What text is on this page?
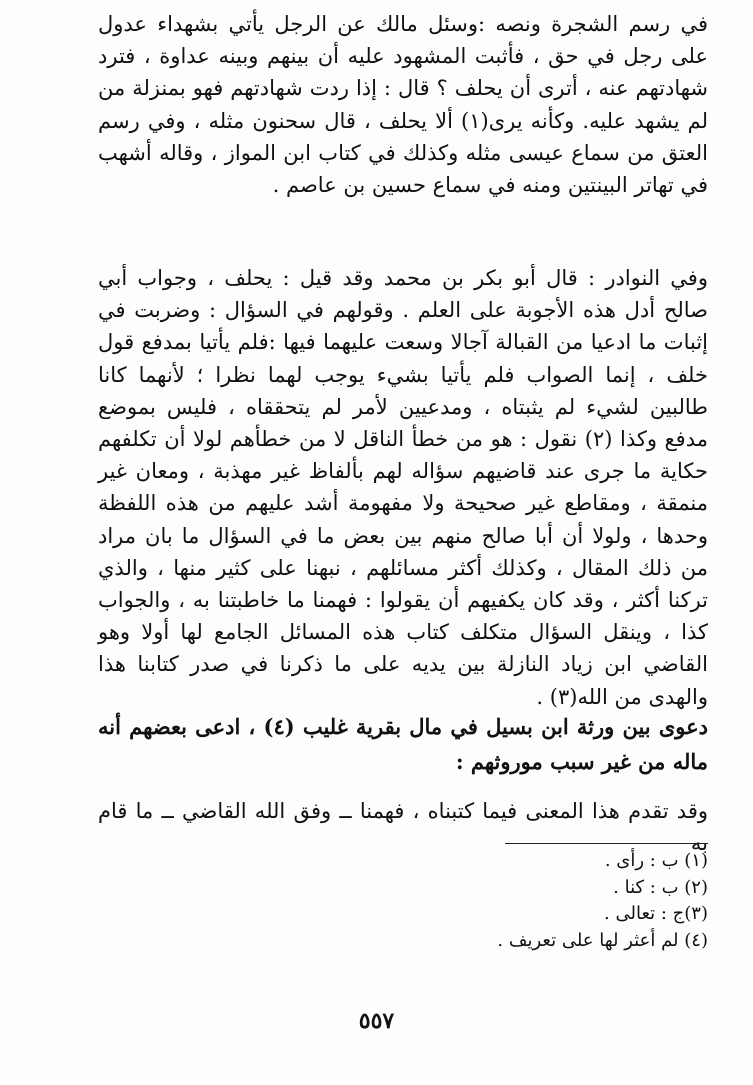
في رسم الشجرة ونصه :وسئل مالك عن الرجل يأتي بشهداء عدول على رجل في حق ، فأثبت المشهود عليه أن بينهم وبينه عداوة ، فترد شهادتهم عنه ، أترى أن يحلف ؟ قال : إذا ردت شهادتهم فهو بمنزلة من لم يشهد عليه. وكأنه يرى(١) ألا يحلف ، قال سحنون مثله ، وفي رسم العتق من سماع عيسى مثله وكذلك في كتاب ابن المواز ، وقاله أشهب في تهاتر البينتين ومنه في سماع حسين بن عاصم .

وفي النوادر : قال أبو بكر بن محمد وقد قيل : يحلف ، وجواب أبي صالح أدل هذه الأجوبة على العلم . وقولهم في السؤال : وضربت في إثبات ما ادعيا من القبالة آجالا وسعت عليهما فيها :فلم يأتيا بمدفع قول خلف ، إنما الصواب فلم يأتيا بشيء يوجب لهما نظرا ؛ لأنهما كانا طالبين لشيء لم يثبتاه ، ومدعيين لأمر لم يتحققاه ، فليس بموضع مدفع وكذا (٢) نقول : هو من خطأ الناقل لا من خطأهم لولا أن تكلفهم حكاية ما جرى عند قاضيهم سؤاله لهم بألفاظ غير مهذبة ، ومعان غير منمقة ، ومقاطع غير صحيحة ولا مفهومة أشد عليهم من هذه اللفظة وحدها ، ولولا أن أبا صالح منهم بين بعض ما في السؤال ما بان مراد من ذلك المقال ، وكذلك أكثر مسائلهم ، نبهنا على كثير منها ، والذي تركنا أكثر ، وقد كان يكفيهم أن يقولوا : فهمنا ما خاطبتنا به ، والجواب كذا ، وينقل السؤال متكلف كتاب هذه المسائل الجامع لها أولا وهو القاضي ابن زياد النازلة بين يديه على ما ذكرنا في صدر كتابنا هذا والهدى من الله(٣) .

دعوى بين ورثة ابن بسيل في مال بقرية غليب (٤) ، ادعى بعضهم أنه ماله من غير سبب موروثهم :

وقد تقدم هذا المعنى فيما كتبناه ، فهمنا ــ وفق الله القاضي ــ ما قام به

(١) ب : رأى .
(٢) ب : كنا .
(٣)ج : تعالى .
(٤) لم أعثر لها على تعريف .
٥٥٧
